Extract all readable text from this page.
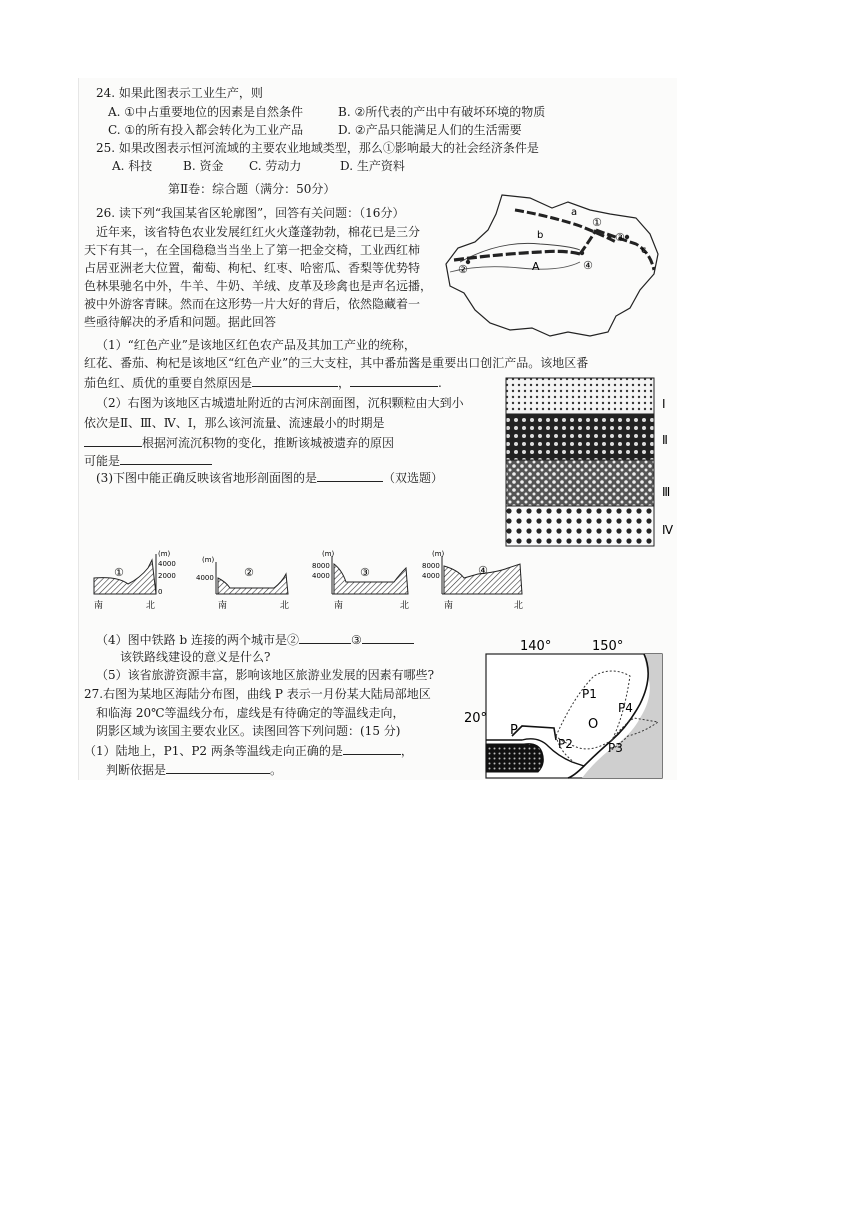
24. 如果此图表示工业生产，则
A. ①中占重要地位的因素是自然条件	B. ②所代表的产出中有破坏环境的物质
C. ①的所有投入都会转化为工业产品	D. ②产品只能满足人们的生活需要
25. 如果改图表示恒河流域的主要农业地域类型，那么①影响最大的社会经济条件是
A. 科技	B. 资金 C. 劳动力	D. 生产资料
第Ⅱ卷：综合题（满分：50分）
26. 读下列“我国某省区轮廓图”，回答有关问题：（16分）
近年来，该省特色农业发展红红火火蓬蓬勃勃，棉花已是三分
天下有其一，在全国稳稳当当坐上了第一把金交椅，工业西红柿
占居亚洲老大位置，葡萄、枸杞、红枣、哈密瓜、香梨等优势特
色林果驰名中外，牛羊、牛奶、羊绒、皮革及珍禽也是声名远播，
被中外游客青睐。然而在这形势一片大好的背后，依然隐藏着一
些亟待解决的矛盾和问题。据此回答
a
b
c
A
①
②
③
④
（1）“红色产业”是该地区红色农产品及其加工产业的统称，
红花、番茄、枸杞是该地区“红色产业”的三大支柱，其中番茄酱是重要出口创汇产品。该地区番
茄色红、质优的重要自然原因是	，	.
（2）右图为该地区古城遗址附近的古河床剖面图，沉积颗粒由大到小
依次是Ⅱ、Ⅲ、Ⅳ、Ⅰ，那么该河流量、流速最小的时期是
根据河流沉积物的变化，推断该城被遗弃的原因
可能是
Ⅰ
Ⅱ
Ⅲ
Ⅳ
(3)下图中能正确反映该省地形剖面图的是	（双选题）
①
(m)
4000
2000
0
南	北
②
(m)
4000
南	北
③
(m)
8000
4000
南	北
④
(m)
8000
4000
南	北
（4）图中铁路 b 连接的两个城市是②	③
该铁路线建设的意义是什么?
（5）该省旅游资源丰富，影响该地区旅游业发展的因素有哪些?
27.右图为某地区海陆分布图，曲线 P 表示一月份某大陆局部地区
和临海 20℃等温线分布，虚线是有待确定的等温线走向，
阴影区域为该国主要农业区。读图回答下列问题：(15 分)
（1）陆地上，P1、P2 两条等温线走向正确的是	，
判断依据是	。
140°	150°
20°
P
P1
P2	P3
P4
O
